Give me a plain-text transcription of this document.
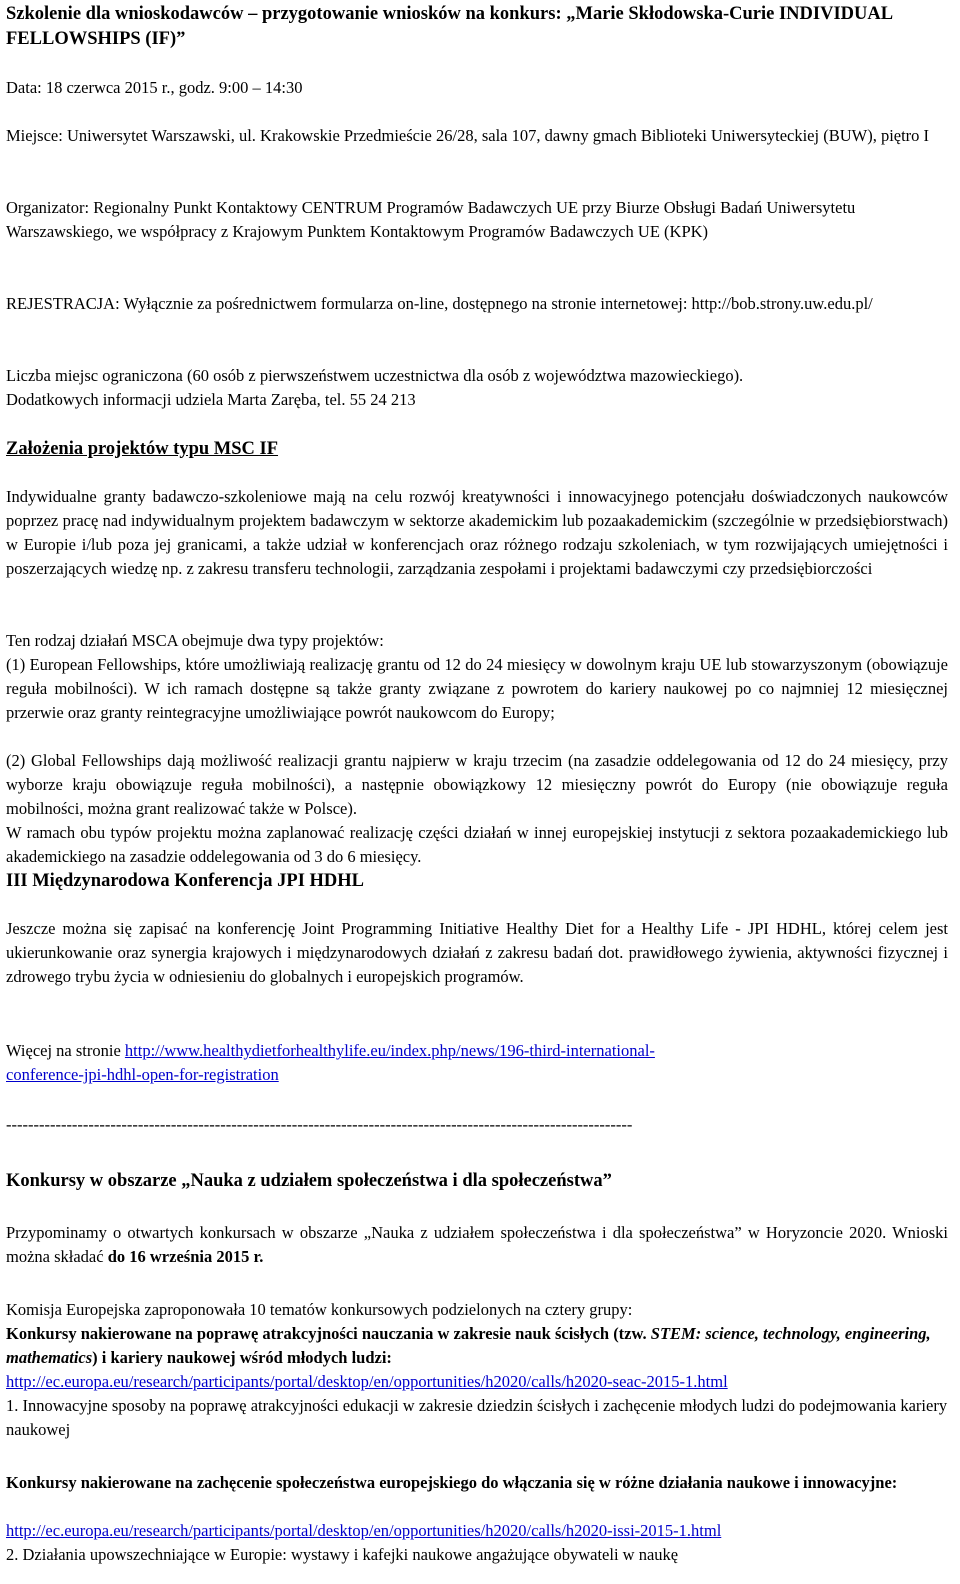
Szkolenie dla wnioskodawców – przygotowanie wniosków na konkurs: „Marie Skłodowska-Curie INDIVIDUAL FELLOWSHIPS (IF)”

Data: 18 czerwca 2015 r., godz. 9:00 – 14:30

Miejsce: Uniwersytet Warszawski, ul. Krakowskie Przedmieście 26/28, sala 107, dawny gmach Biblioteki Uniwersyteckiej (BUW), piętro I

Organizator: Regionalny Punkt Kontaktowy CENTRUM Programów Badawczych UE przy Biurze Obsługi Badań Uniwersytetu Warszawskiego, we współpracy z Krajowym Punktem Kontaktowym Programów Badawczych UE (KPK)

REJESTRACJA: Wyłącznie za pośrednictwem formularza on-line, dostępnego na stronie internetowej: http://bob.strony.uw.edu.pl/

Liczba miejsc ograniczona (60 osób z pierwszeństwem uczestnictwa dla osób z województwa mazowieckiego).

Dodatkowych informacji udziela Marta Zaręba, tel. 55 24 213

Założenia projektów typu MSC IF

Indywidualne granty badawczo-szkoleniowe mają na celu rozwój kreatywności i innowacyjnego potencjału doświadczonych naukowców poprzez pracę nad indywidualnym projektem badawczym w sektorze akademickim lub pozaakademickim (szczególnie w przedsiębiorstwach) w Europie i/lub poza jej granicami, a także udział w konferencjach oraz różnego rodzaju szkoleniach, w tym rozwijających umiejętności i poszerzających wiedzę np. z zakresu transferu technologii, zarządzania zespołami i projektami badawczymi czy przedsiębiorczości

Ten rodzaj działań MSCA obejmuje dwa typy projektów:

(1) European Fellowships, które umożliwiają realizację grantu od 12 do 24 miesięcy w dowolnym kraju UE lub stowarzyszonym (obowiązuje reguła mobilności). W ich ramach dostępne są także granty związane z powrotem do kariery naukowej po co najmniej 12 miesięcznej przerwie oraz granty reintegracyjne umożliwiające powrót naukowcom do Europy;

(2) Global Fellowships dają możliwość realizacji grantu najpierw w kraju trzecim (na zasadzie oddelegowania od 12 do 24 miesięcy, przy wyborze kraju obowiązuje reguła mobilności), a następnie obowiązkowy 12 miesięczny powrót do Europy (nie obowiązuje reguła mobilności, można grant realizować także w Polsce).

W ramach obu typów projektu można zaplanować realizację części działań w innej europejskiej instytucji z sektora pozaakademickiego lub akademickiego na zasadzie oddelegowania od 3 do 6 miesięcy.

III Międzynarodowa Konferencja JPI HDHL

Jeszcze można się zapisać na konferencję Joint Programming Initiative Healthy Diet for a Healthy Life - JPI HDHL, której celem jest ukierunkowanie oraz synergia krajowych i międzynarodowych działań z zakresu badań dot. prawidłowego żywienia, aktywności fizycznej i zdrowego trybu życia w odniesieniu do globalnych i europejskich programów.

Więcej na stronie http://www.healthydietforhealthylife.eu/index.php/news/196-third-international-

conference-jpi-hdhl-open-for-registration

------------------------------------------------------------------------------------------------------------------

Konkursy w obszarze „Nauka z udziałem społeczeństwa i dla społeczeństwa”

Przypominamy o otwartych konkursach w obszarze „Nauka z udziałem społeczeństwa i dla społeczeństwa” w Horyzoncie 2020. Wnioski można składać do 16 września 2015 r.

Komisja Europejska zaproponowała 10 tematów konkursowych podzielonych na cztery grupy:

Konkursy nakierowane na poprawę atrakcyjności nauczania w zakresie nauk ścisłych (tzw. STEM: science, technology, engineering, mathematics) i kariery naukowej wśród młodych ludzi:

http://ec.europa.eu/research/participants/portal/desktop/en/opportunities/h2020/calls/h2020-seac-2015-1.html

1. Innowacyjne sposoby na poprawę atrakcyjności edukacji w zakresie dziedzin ścisłych i zachęcenie młodych ludzi do podejmowania kariery naukowej

Konkursy nakierowane na zachęcenie społeczeństwa europejskiego do włączania się w różne działania naukowe i innowacyjne:

http://ec.europa.eu/research/participants/portal/desktop/en/opportunities/h2020/calls/h2020-issi-2015-1.html

2. Działania upowszechniające w Europie: wystawy i kafejki naukowe angażujące obywateli w naukę
